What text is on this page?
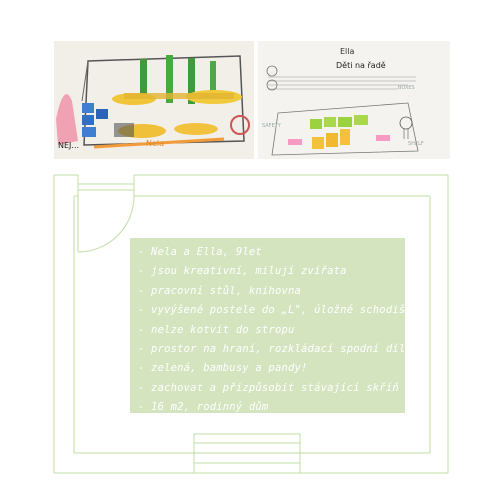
NEJ...	Nela
Ella
Děti na řadě
SAFETY
BOXES
SHELF
- Nela a Ella, 9let
- jsou kreativní, milují zvířata
- pracovní stůl, knihovna
- vyvýšené postele do „L", úložné schodiště
- nelze kotvit do stropu
- prostor na hraní, rozkládací spodní díl
- zelená, bambusy a pandy!
- zachovat a přizpůsobit stávající skříň
- 16 m2, rodinný dům
